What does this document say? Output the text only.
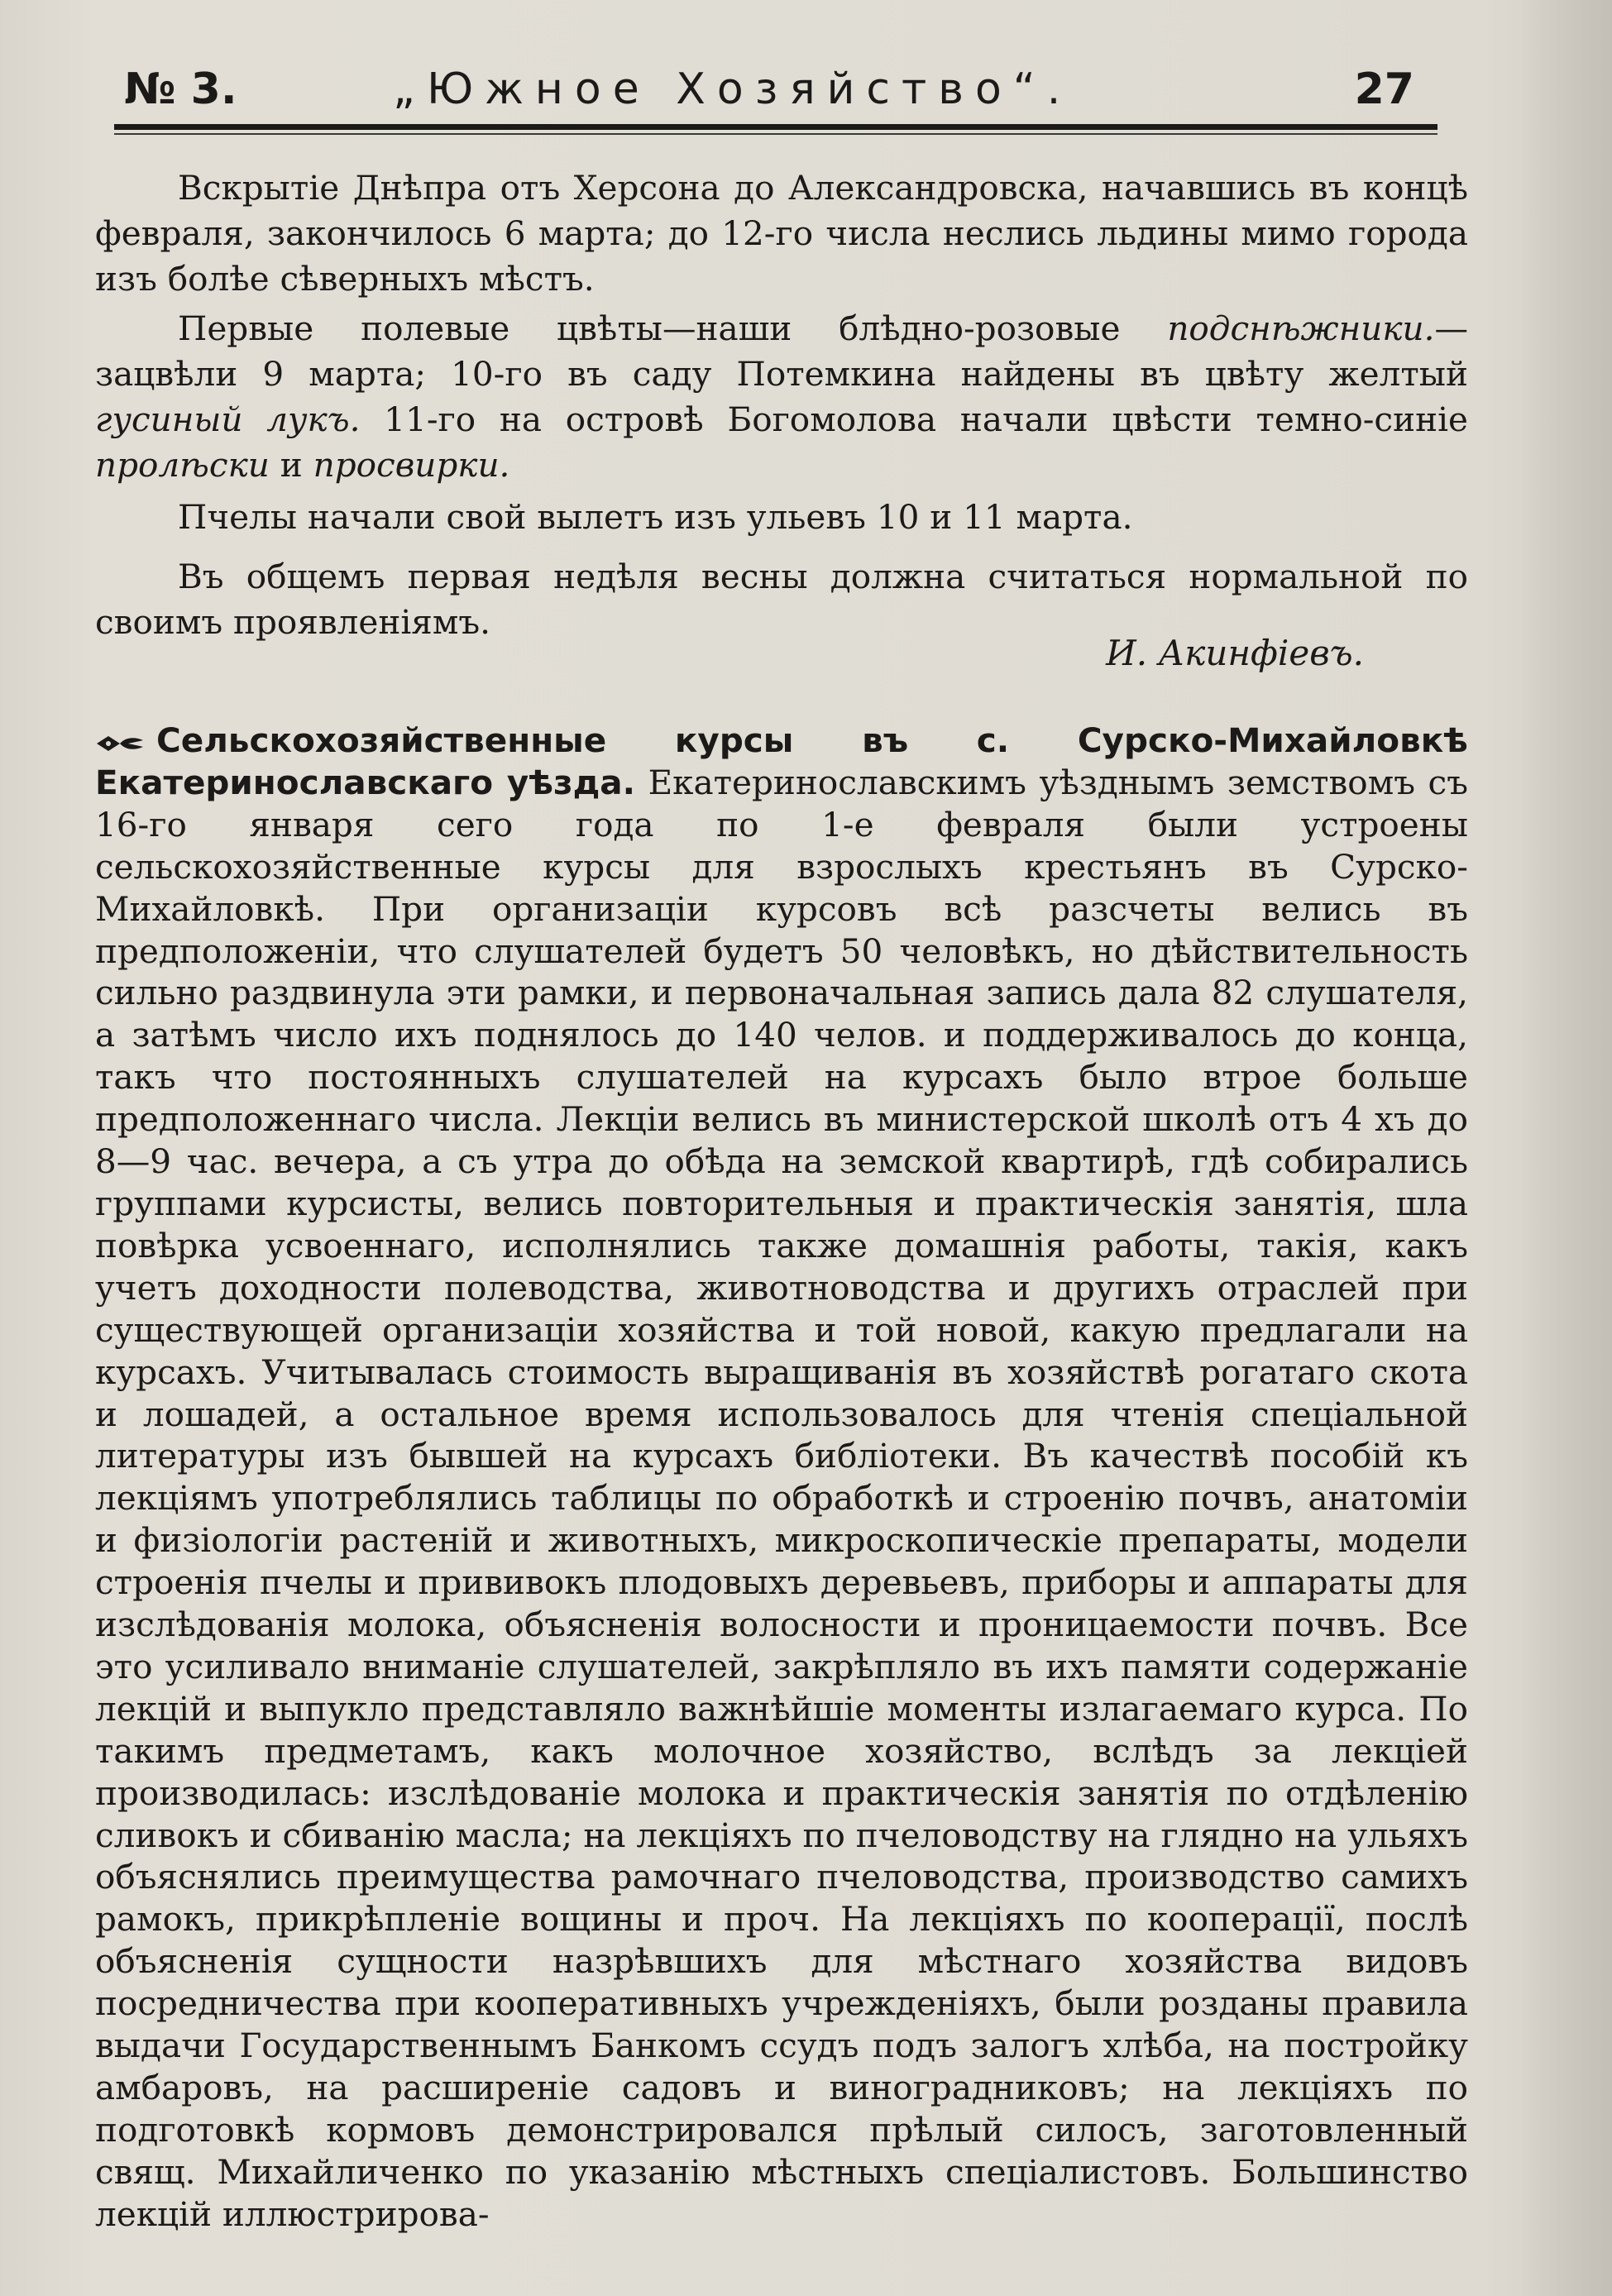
№ 3.	„Южное Хозяйство“.	27

Вскрытіе Днѣпра отъ Херсона до Александровска, начавшись въ концѣ февраля, закончилось 6 марта; до 12-го числа неслись льдины мимо города изъ болѣе сѣверныхъ мѣстъ.

Первые полевые цвѣты—наши блѣдно-розовые подснѣжники.— зацвѣли 9 марта; 10-го въ саду Потемкина найдены въ цвѣту желтый гусиный лукъ. 11-го на островѣ Богомолова начали цвѣсти темно-синіе пролѣски и просвирки.

Пчелы начали свой вылетъ изъ ульевъ 10 и 11 марта.

Въ общемъ первая недѣля весны должна считаться нормальной по своимъ проявленіямъ.

И. Акинфіевъ.

Сельскохозяйственные курсы въ с. Сурско-Михайловкѣ Екатеринославскаго уѣзда. Екатеринославскимъ уѣзднымъ земствомъ съ 16-го января сего года по 1-е февраля были устроены сельскохозяйственные курсы для взрослыхъ крестьянъ въ Сурско-Михайловкѣ. При организаціи курсовъ всѣ разсчеты велись въ предположеніи, что слушателей будетъ 50 человѣкъ, но дѣйствительность сильно раздвинула эти рамки, и первоначальная запись дала 82 слушателя, а затѣмъ число ихъ поднялось до 140 челов. и поддерживалось до конца, такъ что постоянныхъ слушателей на курсахъ было втрое больше предположеннаго числа. Лекціи велись въ министерской школѣ отъ 4 хъ до 8—9 час. вечера, а съ утра до обѣда на земской квартирѣ, гдѣ собирались группами курсисты, велись повторительныя и практическія занятія, шла повѣрка усвоеннаго, исполнялись также домашнія работы, такія, какъ учетъ доходности полеводства, животноводства и другихъ отраслей при существующей организаціи хозяйства и той новой, какую предлагали на курсахъ. Учитывалась стоимость выращиванія въ хозяйствѣ рогатаго скота и лошадей, а остальное время использовалось для чтенія спеціальной литературы изъ бывшей на курсахъ библіотеки. Въ качествѣ пособій къ лекціямъ употреблялись таблицы по обработкѣ и строенію почвъ, анатоміи и физіологіи растеній и животныхъ, микроскопическіе препараты, модели строенія пчелы и прививокъ плодовыхъ деревьевъ, приборы и аппараты для изслѣдованія молока, объясненія волосности и проницаемости почвъ. Все это усиливало вниманіе слушателей, закрѣпляло въ ихъ памяти содержаніе лекцій и выпукло представляло важнѣйшіе моменты излагаемаго курса. По такимъ предметамъ, какъ молочное хозяйство, вслѣдъ за лекціей производилась: изслѣдованіе молока и практическія занятія по отдѣленію сливокъ и сбиванію масла; на лекціяхъ по пчеловодству на глядно на ульяхъ объяснялись преимущества рамочнаго пчеловодства, производство самихъ рамокъ, прикрѣпленіе вощины и проч. На лекціяхъ по кооперації, послѣ объясненія сущности назрѣвшихъ для мѣстнаго хозяйства видовъ посредничества при кооперативныхъ учрежденіяхъ, были розданы правила выдачи Государственнымъ Банкомъ ссудъ подъ залогъ хлѣба, на постройку амбаровъ, на расширеніе садовъ и виноградниковъ; на лекціяхъ по подготовкѣ кормовъ демонстрировался прѣлый силосъ, заготовленный свящ. Михайличенко по указанію мѣстныхъ спеціалистовъ. Большинство лекцій иллюстрирова-
